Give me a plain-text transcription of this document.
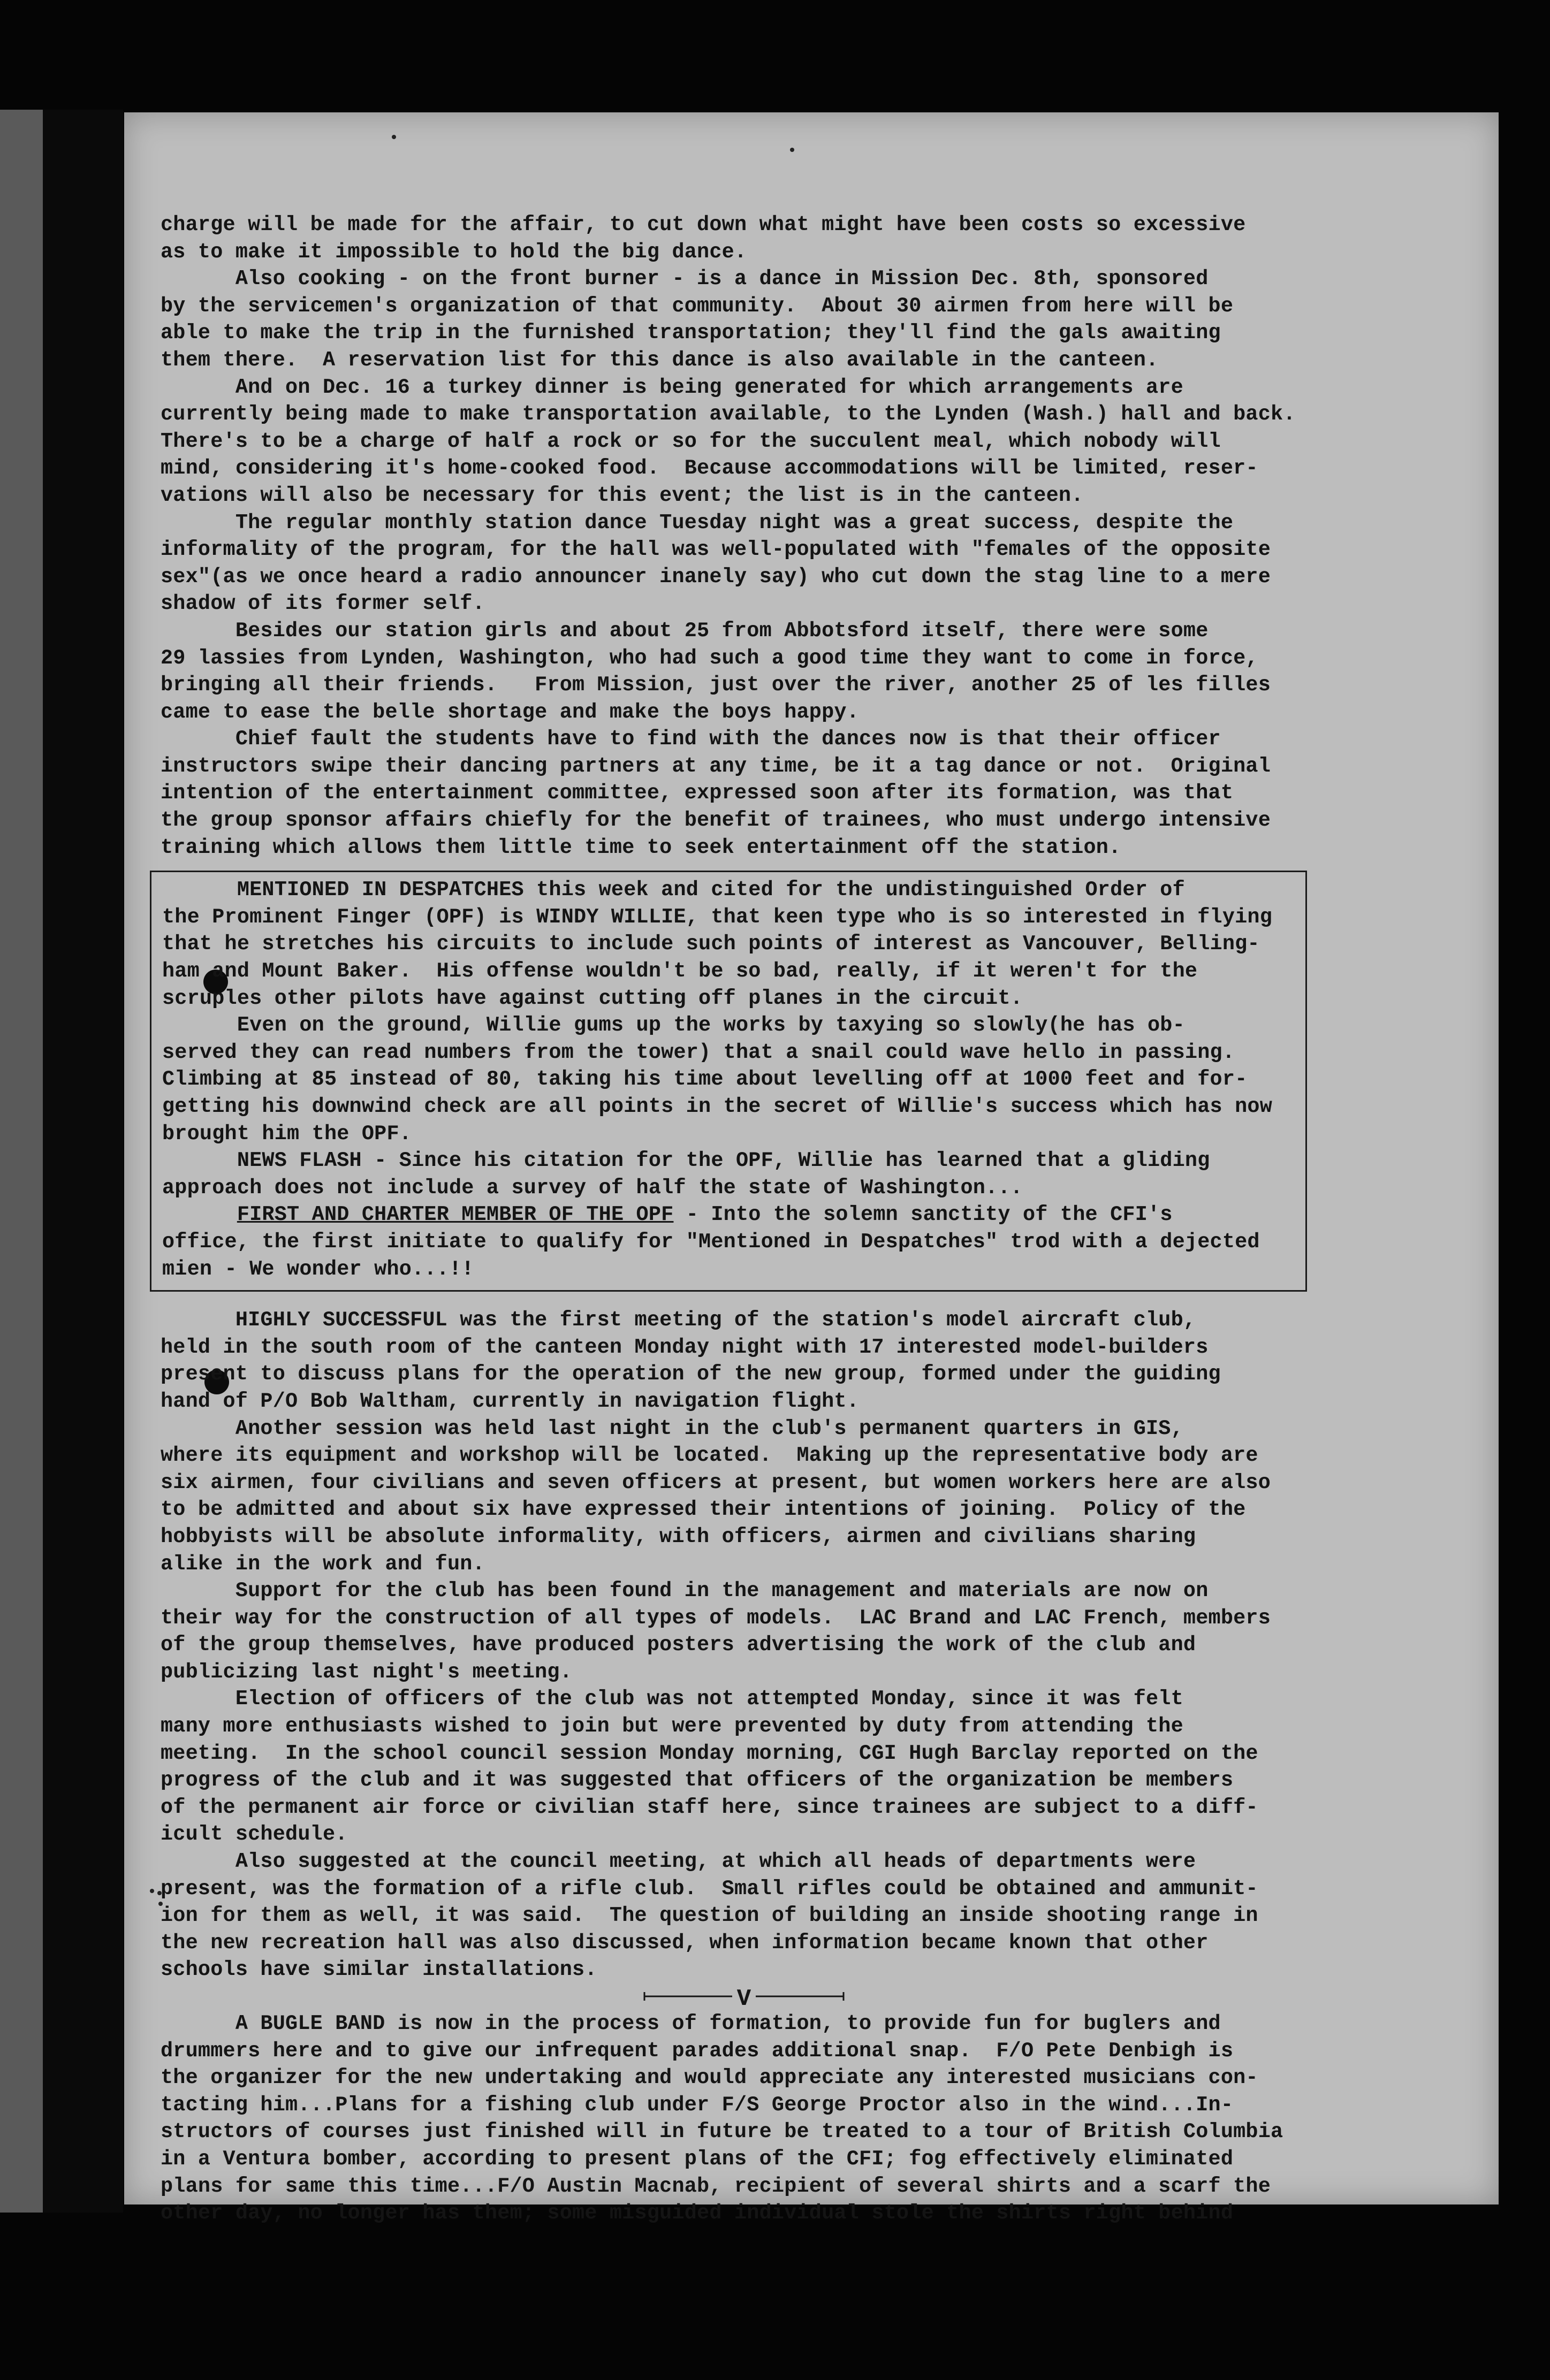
charge will be made for the affair, to cut down what might have been costs so excessive

as to make it impossible to hold the big dance.

Also cooking - on the front burner - is a dance in Mission Dec. 8th, sponsored

by the servicemen's organization of that community.  About 30 airmen from here will be

able to make the trip in the furnished transportation; they'll find the gals awaiting

them there.  A reservation list for this dance is also available in the canteen.

And on Dec. 16 a turkey dinner is being generated for which arrangements are

currently being made to make transportation available, to the Lynden (Wash.) hall and back.

There's to be a charge of half a rock or so for the succulent meal, which nobody will

mind, considering it's home-cooked food.  Because accommodations will be limited, reser-

vations will also be necessary for this event; the list is in the canteen.

The regular monthly station dance Tuesday night was a great success, despite the

informality of the program, for the hall was well-populated with "females of the opposite

sex"(as we once heard a radio announcer inanely say) who cut down the stag line to a mere

shadow of its former self.

Besides our station girls and about 25 from Abbotsford itself, there were some

29 lassies from Lynden, Washington, who had such a good time they want to come in force,

bringing all their friends.   From Mission, just over the river, another 25 of les filles

came to ease the belle shortage and make the boys happy.

Chief fault the students have to find with the dances now is that their officer

instructors swipe their dancing partners at any time, be it a tag dance or not.  Original

intention of the entertainment committee, expressed soon after its formation, was that

the group sponsor affairs chiefly for the benefit of trainees, who must undergo intensive

training which allows them little time to seek entertainment off the station.

MENTIONED IN DESPATCHES this week and cited for the undistinguished Order of

the Prominent Finger (OPF) is WINDY WILLIE, that keen type who is so interested in flying

that he stretches his circuits to include such points of interest as Vancouver, Belling-

ham and Mount Baker.  His offense wouldn't be so bad, really, if it weren't for the

scruples other pilots have against cutting off planes in the circuit.

Even on the ground, Willie gums up the works by taxying so slowly(he has ob-

served they can read numbers from the tower) that a snail could wave hello in passing.

Climbing at 85 instead of 80, taking his time about levelling off at 1000 feet and for-

getting his downwind check are all points in the secret of Willie's success which has now

brought him the OPF.

NEWS FLASH - Since his citation for the OPF, Willie has learned that a gliding

approach does not include a survey of half the state of Washington...

FIRST AND CHARTER MEMBER OF THE OPF - Into the solemn sanctity of the CFI's

office, the first initiate to qualify for "Mentioned in Despatches" trod with a dejected

mien - We wonder who...!!

HIGHLY SUCCESSFUL was the first meeting of the station's model aircraft club,

held in the south room of the canteen Monday night with 17 interested model-builders

present to discuss plans for the operation of the new group, formed under the guiding

hand of P/O Bob Waltham, currently in navigation flight.

Another session was held last night in the club's permanent quarters in GIS,

where its equipment and workshop will be located.  Making up the representative body are

six airmen, four civilians and seven officers at present, but women workers here are also

to be admitted and about six have expressed their intentions of joining.  Policy of the

hobbyists will be absolute informality, with officers, airmen and civilians sharing

alike in the work and fun.

Support for the club has been found in the management and materials are now on

their way for the construction of all types of models.  LAC Brand and LAC French, members

of the group themselves, have produced posters advertising the work of the club and

publicizing last night's meeting.

Election of officers of the club was not attempted Monday, since it was felt

many more enthusiasts wished to join but were prevented by duty from attending the

meeting.  In the school council session Monday morning, CGI Hugh Barclay reported on the

progress of the club and it was suggested that officers of the organization be members

of the permanent air force or civilian staff here, since trainees are subject to a diff-

icult schedule.

Also suggested at the council meeting, at which all heads of departments were

present, was the formation of a rifle club.  Small rifles could be obtained and ammunit-

ion for them as well, it was said.  The question of building an inside shooting range in

the new recreation hall was also discussed, when information became known that other

schools have similar installations.

V

A BUGLE BAND is now in the process of formation, to provide fun for buglers and

drummers here and to give our infrequent parades additional snap.  F/O Pete Denbigh is

the organizer for the new undertaking and would appreciate any interested musicians con-

tacting him...Plans for a fishing club under F/S George Proctor also in the wind...In-

structors of courses just finished will in future be treated to a tour of British Columbia

in a Ventura bomber, according to present plans of the CFI; fog effectively eliminated

plans for same this time...F/O Austin Macnab, recipient of several shirts and a scarf the

other day, no longer has them; some misguided individual stole the shirts right behind
